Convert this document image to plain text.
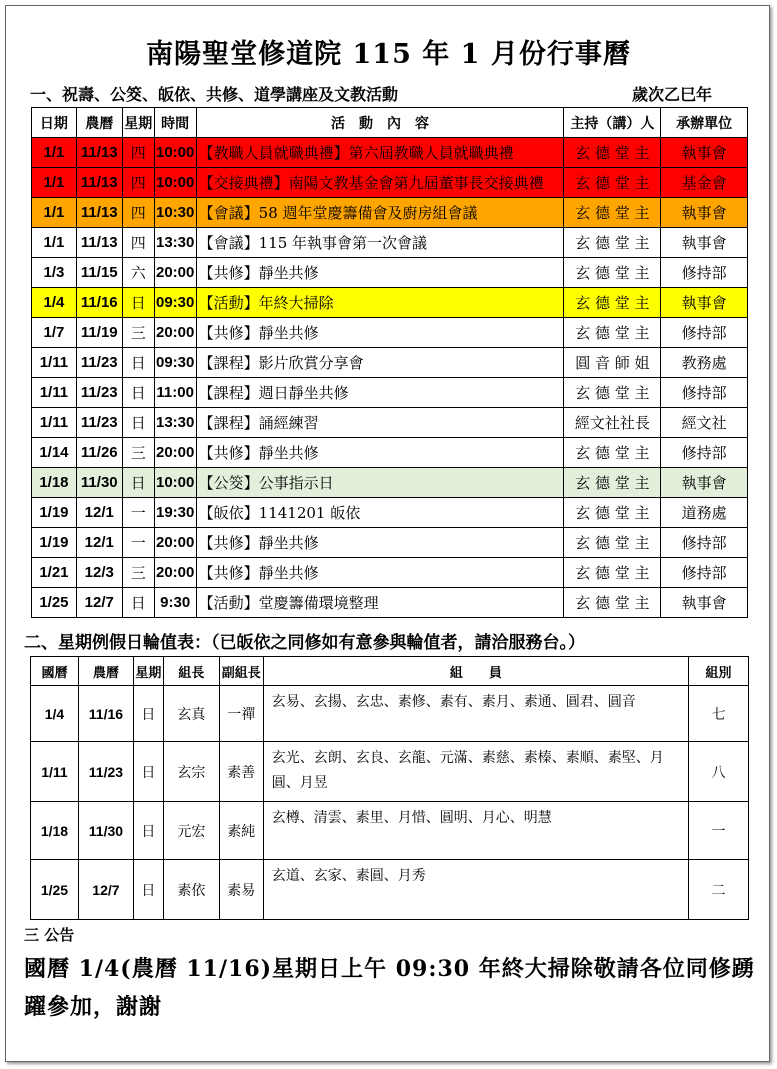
南陽聖堂修道院 115 年 1 月份行事曆
一、祝壽、公筊、皈依、共修、道學講座及文教活動	歲次乙巳年
日期	農曆	星期	時間	活　動　內　容	主持（講）人	承辦單位
1/1	11/13	四	10:00	【教職人員就職典禮】第六屆教職人員就職典禮	玄 德 堂 主	執事會
1/1	11/13	四	10:00	【交接典禮】南陽文教基金會第九屆董事長交接典禮	玄 德 堂 主	基金會
1/1	11/13	四	10:30	【會議】58 週年堂慶籌備會及廚房組會議	玄 德 堂 主	執事會
1/1	11/13	四	13:30	【會議】115 年執事會第一次會議	玄 德 堂 主	執事會
1/3	11/15	六	20:00	【共修】靜坐共修	玄 德 堂 主	修持部
1/4	11/16	日	09:30	【活動】年終大掃除	玄 德 堂 主	執事會
1/7	11/19	三	20:00	【共修】靜坐共修	玄 德 堂 主	修持部
1/11	11/23	日	09:30	【課程】影片欣賞分享會	圓 音 師 姐	教務處
1/11	11/23	日	11:00	【課程】週日靜坐共修	玄 德 堂 主	修持部
1/11	11/23	日	13:30	【課程】誦經練習	經文社社長	經文社
1/14	11/26	三	20:00	【共修】靜坐共修	玄 德 堂 主	修持部
1/18	11/30	日	10:00	【公筊】公事指示日	玄 德 堂 主	執事會
1/19	12/1	一	19:30	【皈依】1141201 皈依	玄 德 堂 主	道務處
1/19	12/1	一	20:00	【共修】靜坐共修	玄 德 堂 主	修持部
1/21	12/3	三	20:00	【共修】靜坐共修	玄 德 堂 主	修持部
1/25	12/7	日	9:30	【活動】堂慶籌備環境整理	玄 德 堂 主	執事會
二、星期例假日輪值表：（已皈依之同修如有意參與輪值者，請洽服務台。）
國曆	農曆	星期	組長	副組長	組　　員	組別
1/4	11/16	日	玄真	一禪	玄易、玄揚、玄忠、素修、素有、素月、素通、圓君、圓音	七
1/11	11/23	日	玄宗	素善	玄光、玄朗、玄良、玄龍、元滿、素慈、素榛、素順、素堅、月圓、月昱	八
1/18	11/30	日	元宏	素純	玄樽、清雲、素里、月惜、圓明、月心、明慧	一
1/25	12/7	日	素依	素易	玄道、玄家、素圓、月秀	二
三 公告
國曆 1/4(農曆 11/16)星期日上午 09:30 年終大掃除敬請各位同修踴躍參加，謝謝
